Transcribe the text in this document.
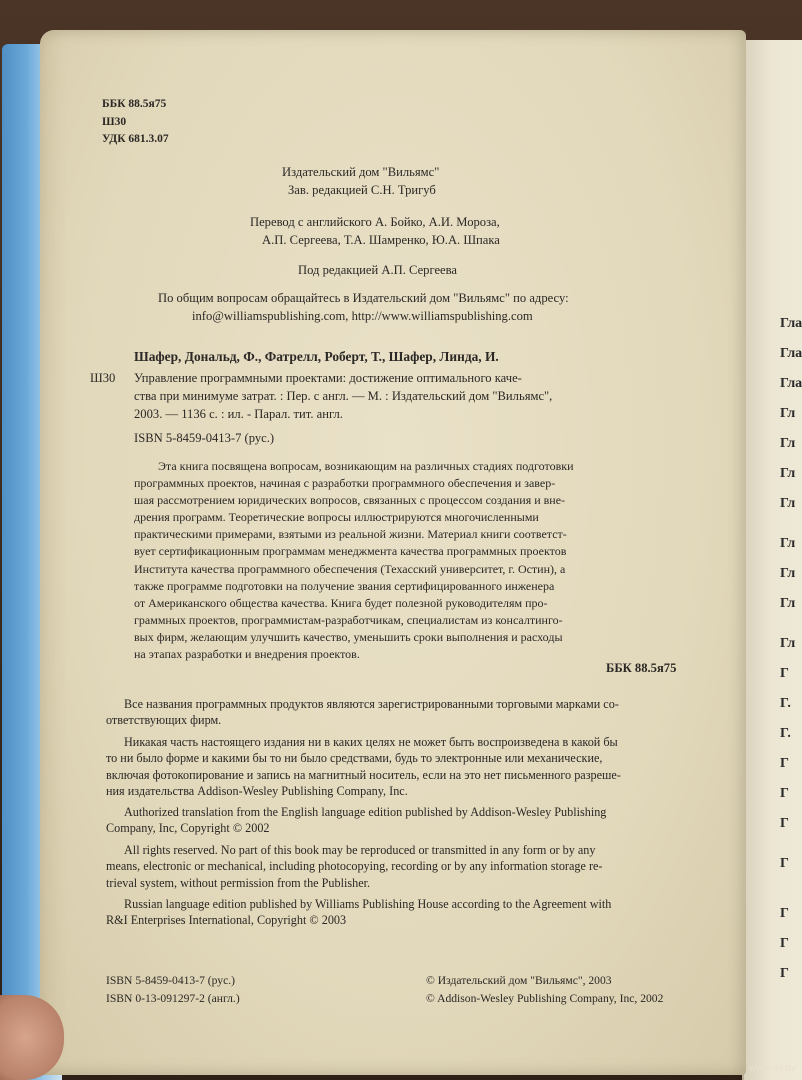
Гла
Гла
Гла
Гл
Гл
Гл
Гл
Гл
Гл
Гл
Гл
Г
Г.
Г.
Г
Г
Г
Г
Г
Г
Г
ББК 88.5я75
Ш30
УДК 681.3.07
Издательский дом "Вильямс"
Зав. редакцией С.Н. Тригуб
Перевод с английского А. Бойко, А.И. Мороза,
А.П. Сергеева, Т.А. Шамренко, Ю.А. Шпака
Под редакцией А.П. Сергеева
По общим вопросам обращайтесь в Издательский дом "Вильямс" по адресу:
info@williamspublishing.com, http://www.williamspublishing.com
Шафер, Дональд, Ф., Фатрелл, Роберт, Т., Шафер, Линда, И.
Ш30 Управление программными проектами: достижение оптимального каче-
ства при минимуме затрат. : Пер. с англ. — М. : Издательский дом "Вильямс",
2003. — 1136 с. : ил. - Парал. тит. англ.
ISBN 5-8459-0413-7 (рус.)
Эта книга посвящена вопросам, возникающим на различных стадиях подготовки
программных проектов, начиная с разработки программного обеспечения и завер-
шая рассмотрением юридических вопросов, связанных с процессом создания и вне-
дрения программ. Теоретические вопросы иллюстрируются многочисленными
практическими примерами, взятыми из реальной жизни. Материал книги соответст-
вует сертификационным программам менеджмента качества программных проектов
Института качества программного обеспечения (Техасский университет, г. Остин), а
также программе подготовки на получение звания сертифицированного инженера
от Американского общества качества. Книга будет полезной руководителям про-
граммных проектов, программистам-разработчикам, специалистам из консалтинго-
вых фирм, желающим улучшить качество, уменьшить сроки выполнения и расходы
на этапах разработки и внедрения проектов.
ББК 88.5я75
Все названия программных продуктов являются зарегистрированными торговыми марками со-
ответствующих фирм.
Никакая часть настоящего издания ни в каких целях не может быть воспроизведена в какой бы
то ни было форме и какими бы то ни было средствами, будь то электронные или механические,
включая фотокопирование и запись на магнитный носитель, если на это нет письменного разреше-
ния издательства Addison-Wesley Publishing Company, Inc.
Authorized translation from the English language edition published by Addison-Wesley Publishing
Company, Inc, Copyright © 2002
All rights reserved. No part of this book may be reproduced or transmitted in any form or by any
means, electronic or mechanical, including photocopying, recording or by any information storage re-
trieval system, without permission from the Publisher.
Russian language edition published by Williams Publishing House according to the Agreement with
R&I Enterprises International, Copyright © 2003
ISBN 5-8459-0413-7 (рус.)
ISBN 0-13-091297-2 (англ.)
© Издательский дом "Вильямс", 2003
© Addison-Wesley Publishing Company, Inc, 2002
www.ay.by
